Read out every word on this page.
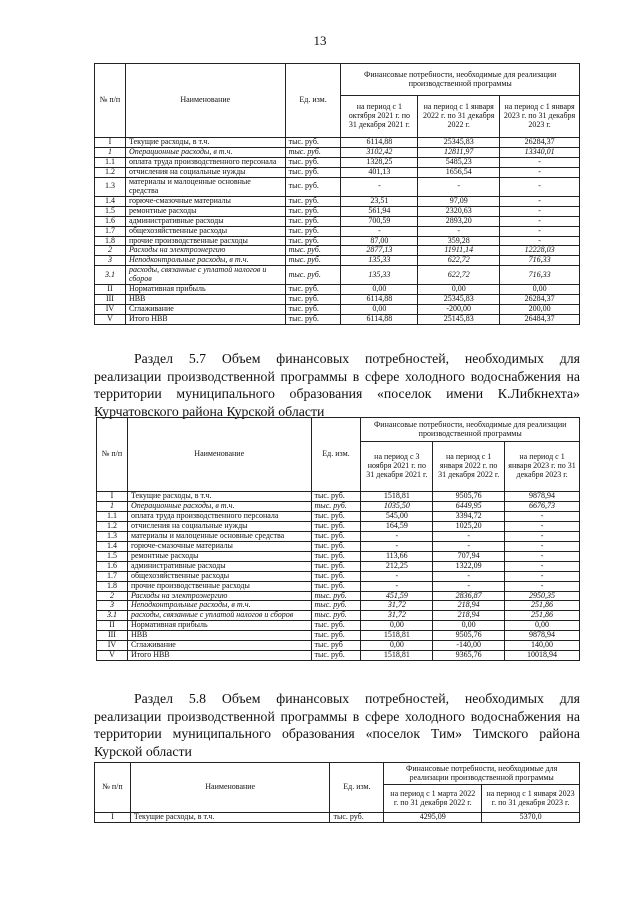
13
№ п/п	Наименование	Ед. изм.	Финансовые потребности, необходимые для реализации производственной программы		
			на период с 1 октября 2021 г. по 31 декабря 2021 г.	на период с 1 января 2022 г. по 31 декабря 2022 г.	на период с 1 января 2023 г. по 31 декабря 2023 г.
I	Текущие расходы, в т.ч.	тыс. руб.	6114,88	25345,83	26284,37
1	Операционные расходы, в т.ч.	тыс. руб.	3102,42	12811,97	13340,01
1.1	оплата труда производственного персонала	тыс. руб.	1328,25	5485,23	-
1.2	отчисления на социальные нужды	тыс. руб.	401,13	1656,54	-
1.3	материалы и малоценные основные средства	тыс. руб.	-	-	-
1.4	горюче-смазочные материалы	тыс. руб.	23,51	97,09	-
1.5	ремонтные расходы	тыс. руб.	561,94	2320,63	-
1.6	административные расходы	тыс. руб.	700,59	2893,20	-
1.7	общехозяйственные расходы	тыс. руб.	-	-	-
1.8	прочие производственные расходы	тыс. руб.	87,00	359,28	-
2	Расходы на электроэнергию	тыс. руб.	2877,13	11911,14	12228,03
3	Неподконтрольные расходы, в т.ч.	тыс. руб.	135,33	622,72	716,33
3.1	расходы, связанные с уплатой налогов и сборов	тыс. руб.	135,33	622,72	716,33
II	Нормативная прибыль	тыс. руб.	0,00	0,00	0,00
III	НВВ	тыс. руб.	6114,88	25345,83	26284,37
IV	Сглаживание	тыс. руб.	0,00	-200,00	200,00
V	Итого НВВ	тыс. руб.	6114,88	25145,83	26484,37
Раздел 5.7 Объем финансовых потребностей, необходимых для
реализации производственной программы в сфере холодного водоснабжения на
территории муниципального образования «поселок имени К.Либкнехта»
Курчатовского района Курской области
№ п/п	Наименование	Ед. изм.	Финансовые потребности, необходимые для реализации производственной программы		
			на период с 3 ноября 2021 г. по 31 декабря 2021 г.	на период с 1 января 2022 г. по 31 декабря 2022 г.	на период с 1 января 2023 г. по 31 декабря 2023 г.
I	Текущие расходы, в т.ч.	тыс. руб.	1518,81	9505,76	9878,94
1	Операционные расходы, в т.ч.	тыс. руб.	1035,50	6449,95	6676,73
1.1	оплата труда производственного персонала	тыс. руб.	545,00	3394,72	-
1.2	отчисления на социальные нужды	тыс. руб.	164,59	1025,20	-
1.3	материалы и малоценные основные средства	тыс. руб.	-	-	-
1.4	горюче-смазочные материалы	тыс. руб.	-	-	-
1.5	ремонтные расходы	тыс. руб.	113,66	707,94	-
1.6	административные расходы	тыс. руб.	212,25	1322,09	-
1.7	общехозяйственные расходы	тыс. руб.	-	-	-
1.8	прочие производственные расходы	тыс. руб.	-	-	-
2	Расходы на электроэнергию	тыс. руб.	451,59	2836,87	2950,35
3	Неподконтрольные расходы, в т.ч.	тыс. руб.	31,72	218,94	251,86
3.1	расходы, связанные с уплатой налогов и сборов	тыс. руб.	31,72	218,94	251,86
II	Нормативная прибыль	тыс. руб.	0,00	0,00	0,00
III	НВВ	тыс. руб.	1518,81	9505,76	9878,94
IV	Сглаживание	тыс. руб	0,00	-140,00	140,00
V	Итого НВВ	тыс. руб.	1518,81	9365,76	10018,94
Раздел 5.8 Объем финансовых потребностей, необходимых для
реализации производственной программы в сфере холодного водоснабжения на
территории муниципального образования «поселок Тим» Тимского района
Курской области
№ п/п	Наименование	Ед. изм.	Финансовые потребности, необходимые для реализации производственной программы	
			на период с 1 марта 2022 г. по 31 декабря 2022 г.	на период с 1 января 2023 г. по 31 декабря 2023 г.
I	Текущие расходы, в т.ч.	тыс. руб.	4295,09	5370,0
